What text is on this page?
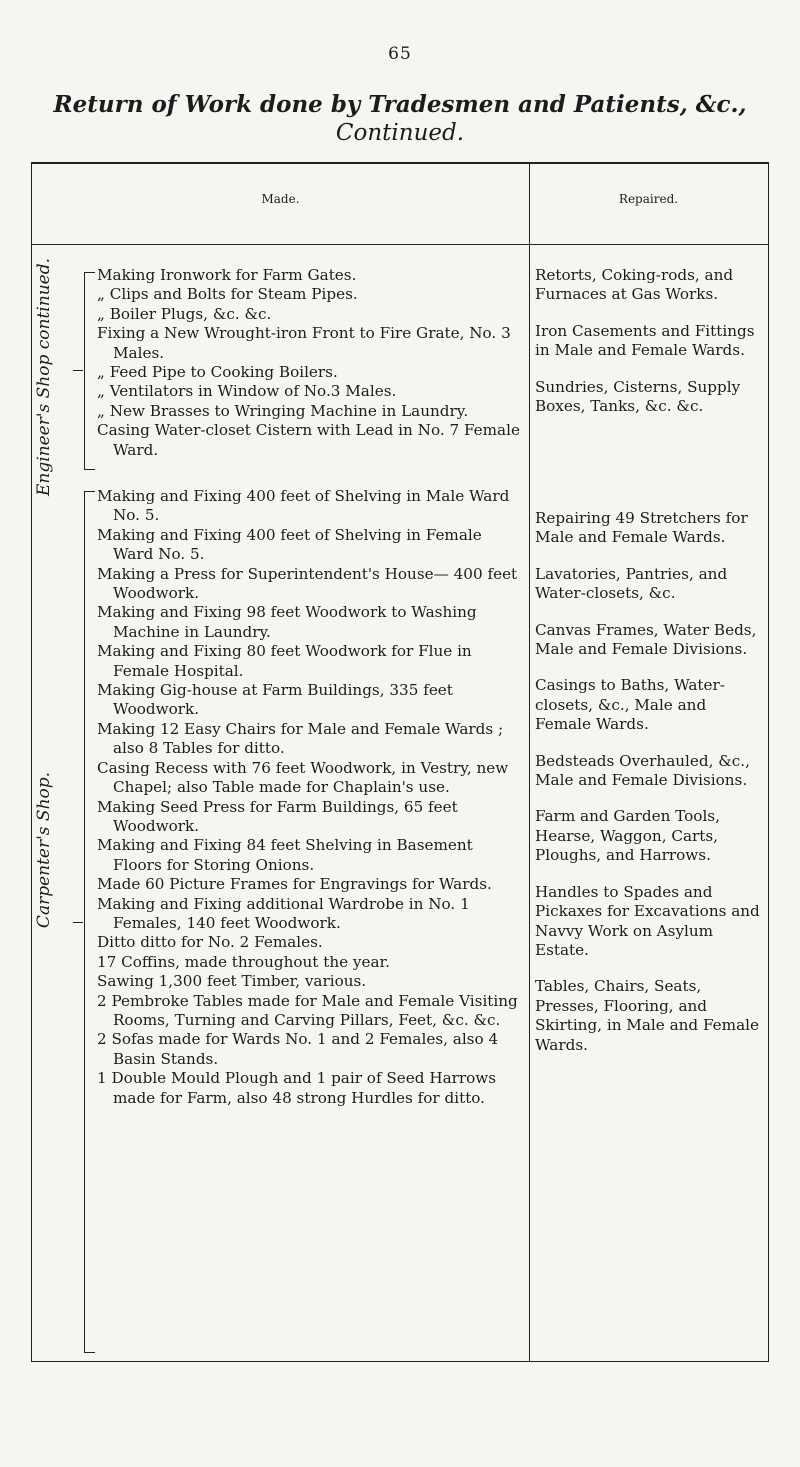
65
Return of Work done by Tradesmen and Patients, &c.,
Continued.
Made.	Repaired.
Engineer's Shop continued.	Making Ironwork for Farm Gates.
„ Clips and Bolts for Steam Pipes.
„ Boiler Plugs, &c. &c.
Fixing a New Wrought-iron Front to Fire Grate, No. 3 Males.
„ Feed Pipe to Cooking Boilers.
„ Ventilators in Window of No.3 Males.
„ New Brasses to Wringing Machine in Laundry.
Casing Water-closet Cistern with Lead in No. 7 Female Ward.
Retorts, Coking-rods, and Furnaces at Gas Works.
Iron Casements and Fittings in Male and Female Wards.
Sundries, Cisterns, Supply Boxes, Tanks, &c. &c.
Carpenter's Shop.
Making and Fixing 400 feet of Shelving in Male Ward No. 5.
Making and Fixing 400 feet of Shelving in Female Ward No. 5.
Making a Press for Superintendent's House— 400 feet Woodwork.
Making and Fixing 98 feet Woodwork to Washing Machine in Laundry.
Making and Fixing 80 feet Woodwork for Flue in Female Hospital.
Making Gig-house at Farm Buildings, 335 feet Woodwork.
Making 12 Easy Chairs for Male and Female Wards ; also 8 Tables for ditto.
Casing Recess with 76 feet Woodwork, in Vestry, new Chapel; also Table made for Chaplain's use.
Making Seed Press for Farm Buildings, 65 feet Woodwork.
Making and Fixing 84 feet Shelving in Basement Floors for Storing Onions.
Made 60 Picture Frames for Engravings for Wards.
Making and Fixing additional Wardrobe in No. 1 Females, 140 feet Woodwork.
Ditto ditto for No. 2 Females.
17 Coffins, made throughout the year.
Sawing 1,300 feet Timber, various.
2 Pembroke Tables made for Male and Female Visiting Rooms, Turning and Carving Pillars, Feet, &c. &c.
2 Sofas made for Wards No. 1 and 2 Females, also 4 Basin Stands.
1 Double Mould Plough and 1 pair of Seed Harrows made for Farm, also 48 strong Hurdles for ditto.
Repairing 49 Stretchers for Male and Female Wards.
Lavatories, Pantries, and Water-closets, &c.
Canvas Frames, Water Beds, Male and Female Divisions.
Casings to Baths, Water-closets, &c., Male and Female Wards.
Bedsteads Overhauled, &c., Male and Female Divisions.
Farm and Garden Tools, Hearse, Waggon, Carts, Ploughs, and Harrows.
Handles to Spades and Pickaxes for Excavations and Navvy Work on Asylum Estate.
Tables, Chairs, Seats, Presses, Flooring, and Skirting, in Male and Female Wards.
